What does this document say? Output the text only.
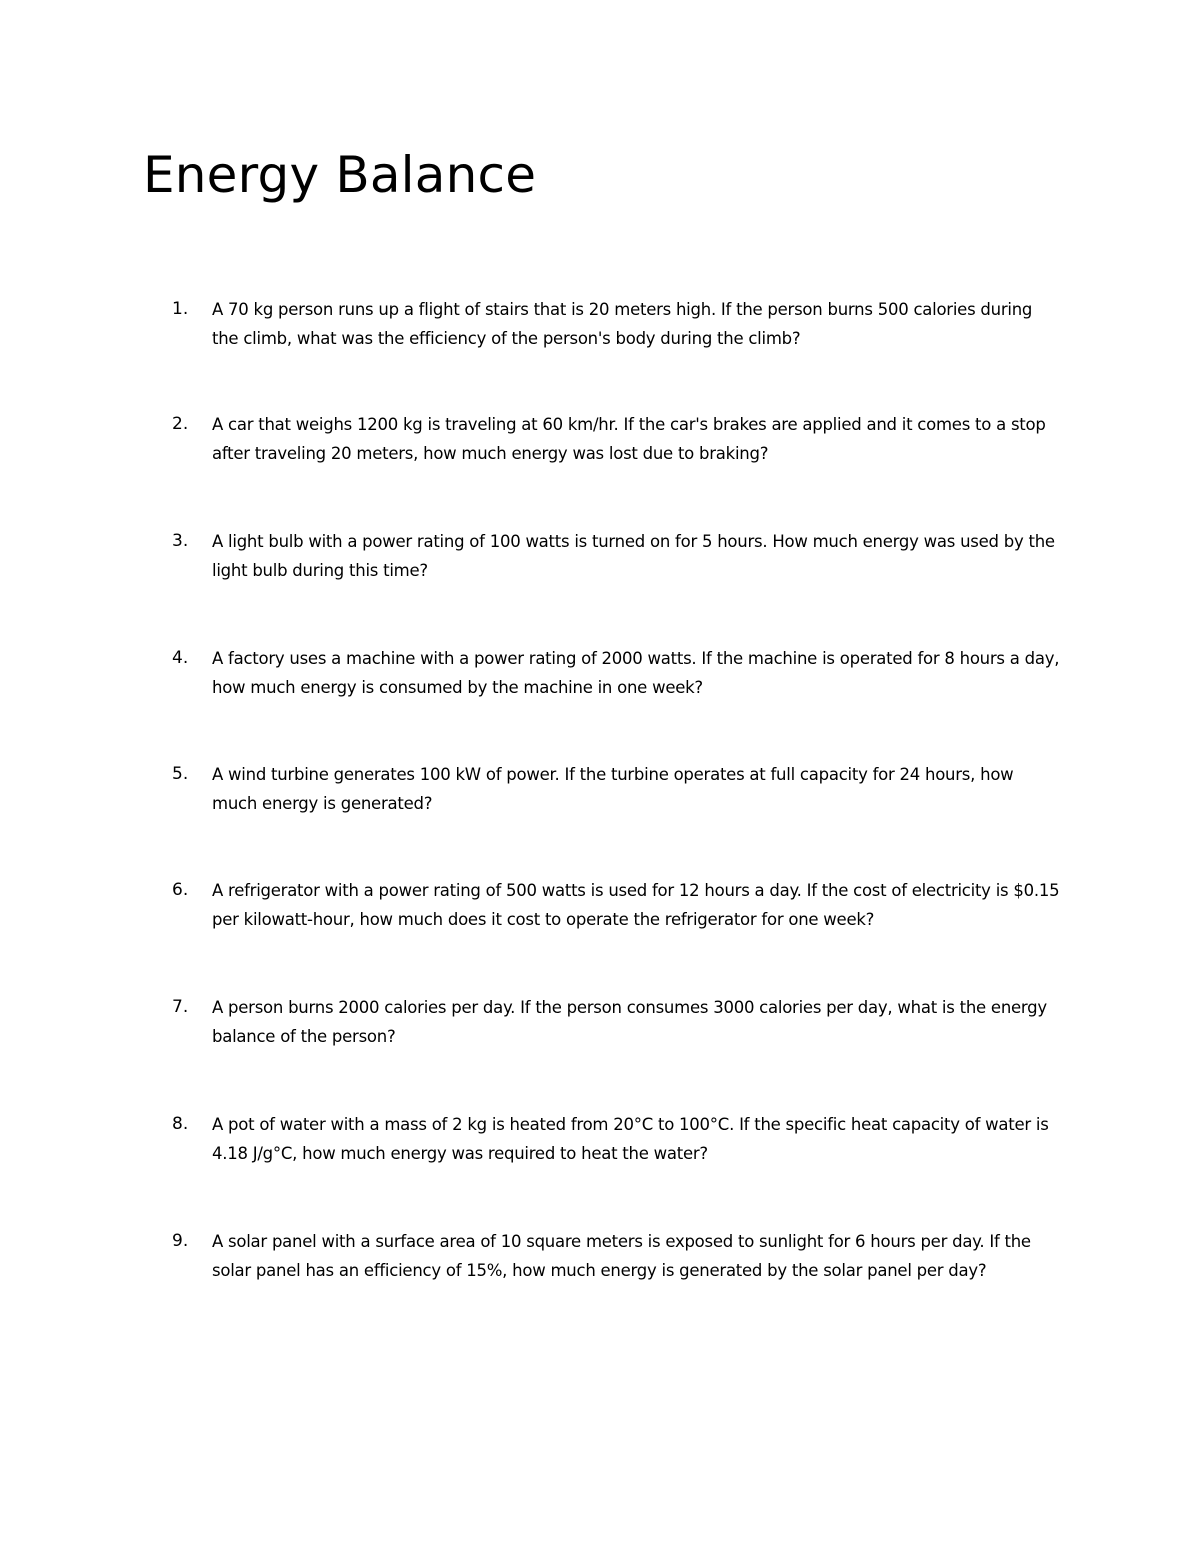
Energy Balance
1.	A 70 kg person runs up a flight of stairs that is 20 meters high. If the person burns 500 calories during the climb, what was the efficiency of the person's body during the climb?
2.	A car that weighs 1200 kg is traveling at 60 km/hr. If the car's brakes are applied and it comes to a stop after traveling 20 meters, how much energy was lost due to braking?
3.	A light bulb with a power rating of 100 watts is turned on for 5 hours. How much energy was used by the light bulb during this time?
4.	A factory uses a machine with a power rating of 2000 watts. If the machine is operated for 8 hours a day, how much energy is consumed by the machine in one week?
5.	A wind turbine generates 100 kW of power. If the turbine operates at full capacity for 24 hours, how much energy is generated?
6.	A refrigerator with a power rating of 500 watts is used for 12 hours a day. If the cost of electricity is $0.15 per kilowatt-hour, how much does it cost to operate the refrigerator for one week?
7.	A person burns 2000 calories per day. If the person consumes 3000 calories per day, what is the energy balance of the person?
8.	A pot of water with a mass of 2 kg is heated from 20°C to 100°C. If the specific heat capacity of water is 4.18 J/g°C, how much energy was required to heat the water?
9.	A solar panel with a surface area of 10 square meters is exposed to sunlight for 6 hours per day. If the solar panel has an efficiency of 15%, how much energy is generated by the solar panel per day?
